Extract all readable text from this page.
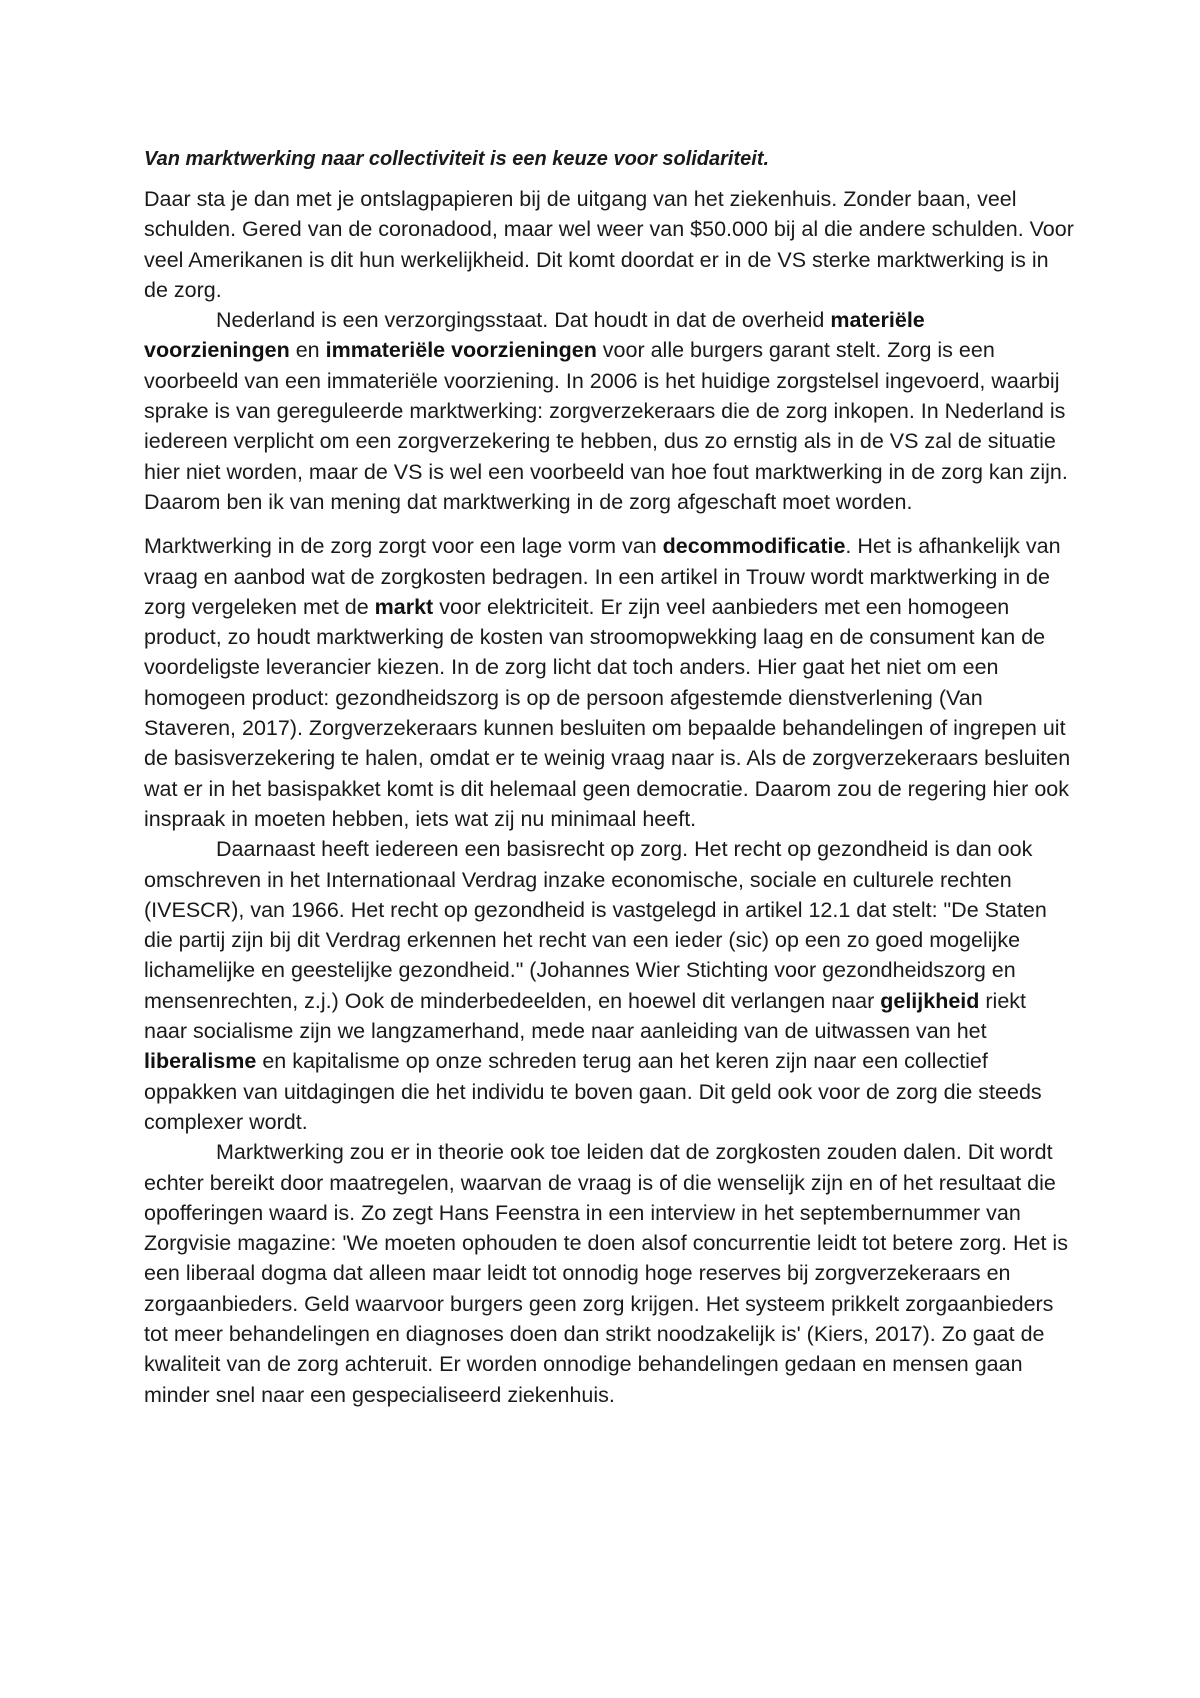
Van marktwerking naar collectiviteit is een keuze voor solidariteit.

Daar sta je dan met je ontslagpapieren bij de uitgang van het ziekenhuis. Zonder baan, veel schulden. Gered van de coronadood, maar wel weer van $50.000 bij al die andere schulden. Voor veel Amerikanen is dit hun werkelijkheid. Dit komt doordat er in de VS sterke marktwerking is in de zorg.

Nederland is een verzorgingsstaat. Dat houdt in dat de overheid materiële voorzieningen en immateriële voorzieningen voor alle burgers garant stelt. Zorg is een voorbeeld van een immateriële voorziening. In 2006 is het huidige zorgstelsel ingevoerd, waarbij sprake is van gereguleerde marktwerking: zorgverzekeraars die de zorg inkopen. In Nederland is iedereen verplicht om een zorgverzekering te hebben, dus zo ernstig als in de VS zal de situatie hier niet worden, maar de VS is wel een voorbeeld van hoe fout marktwerking in de zorg kan zijn. Daarom ben ik van mening dat marktwerking in de zorg afgeschaft moet worden.

Marktwerking in de zorg zorgt voor een lage vorm van decommodificatie. Het is afhankelijk van vraag en aanbod wat de zorgkosten bedragen. In een artikel in Trouw wordt marktwerking in de zorg vergeleken met de markt voor elektriciteit. Er zijn veel aanbieders met een homogeen product, zo houdt marktwerking de kosten van stroomopwekking laag en de consument kan de voordeligste leverancier kiezen. In de zorg licht dat toch anders. Hier gaat het niet om een homogeen product: gezondheidszorg is op de persoon afgestemde dienstverlening (Van Staveren, 2017). Zorgverzekeraars kunnen besluiten om bepaalde behandelingen of ingrepen uit de basisverzekering te halen, omdat er te weinig vraag naar is. Als de zorgverzekeraars besluiten wat er in het basispakket komt is dit helemaal geen democratie. Daarom zou de regering hier ook inspraak in moeten hebben, iets wat zij nu minimaal heeft.

Daarnaast heeft iedereen een basisrecht op zorg. Het recht op gezondheid is dan ook omschreven in het Internationaal Verdrag inzake economische, sociale en culturele rechten (IVESCR), van 1966. Het recht op gezondheid is vastgelegd in artikel 12.1 dat stelt: "De Staten die partij zijn bij dit Verdrag erkennen het recht van een ieder (sic) op een zo goed mogelijke lichamelijke en geestelijke gezondheid." (Johannes Wier Stichting voor gezondheidszorg en mensenrechten, z.j.) Ook de minderbedeelden, en hoewel dit verlangen naar gelijkheid riekt naar socialisme zijn we langzamerhand, mede naar aanleiding van de uitwassen van het liberalisme en kapitalisme op onze schreden terug aan het keren zijn naar een collectief oppakken van uitdagingen die het individu te boven gaan. Dit geld ook voor de zorg die steeds complexer wordt.

Marktwerking zou er in theorie ook toe leiden dat de zorgkosten zouden dalen. Dit wordt echter bereikt door maatregelen, waarvan de vraag is of die wenselijk zijn en of het resultaat die opofferingen waard is. Zo zegt Hans Feenstra in een interview in het septembernummer van Zorgvisie magazine: 'We moeten ophouden te doen alsof concurrentie leidt tot betere zorg. Het is een liberaal dogma dat alleen maar leidt tot onnodig hoge reserves bij zorgverzekeraars en zorgaanbieders. Geld waarvoor burgers geen zorg krijgen. Het systeem prikkelt zorgaanbieders tot meer behandelingen en diagnoses doen dan strikt noodzakelijk is' (Kiers, 2017). Zo gaat de kwaliteit van de zorg achteruit. Er worden onnodige behandelingen gedaan en mensen gaan minder snel naar een gespecialiseerd ziekenhuis.
